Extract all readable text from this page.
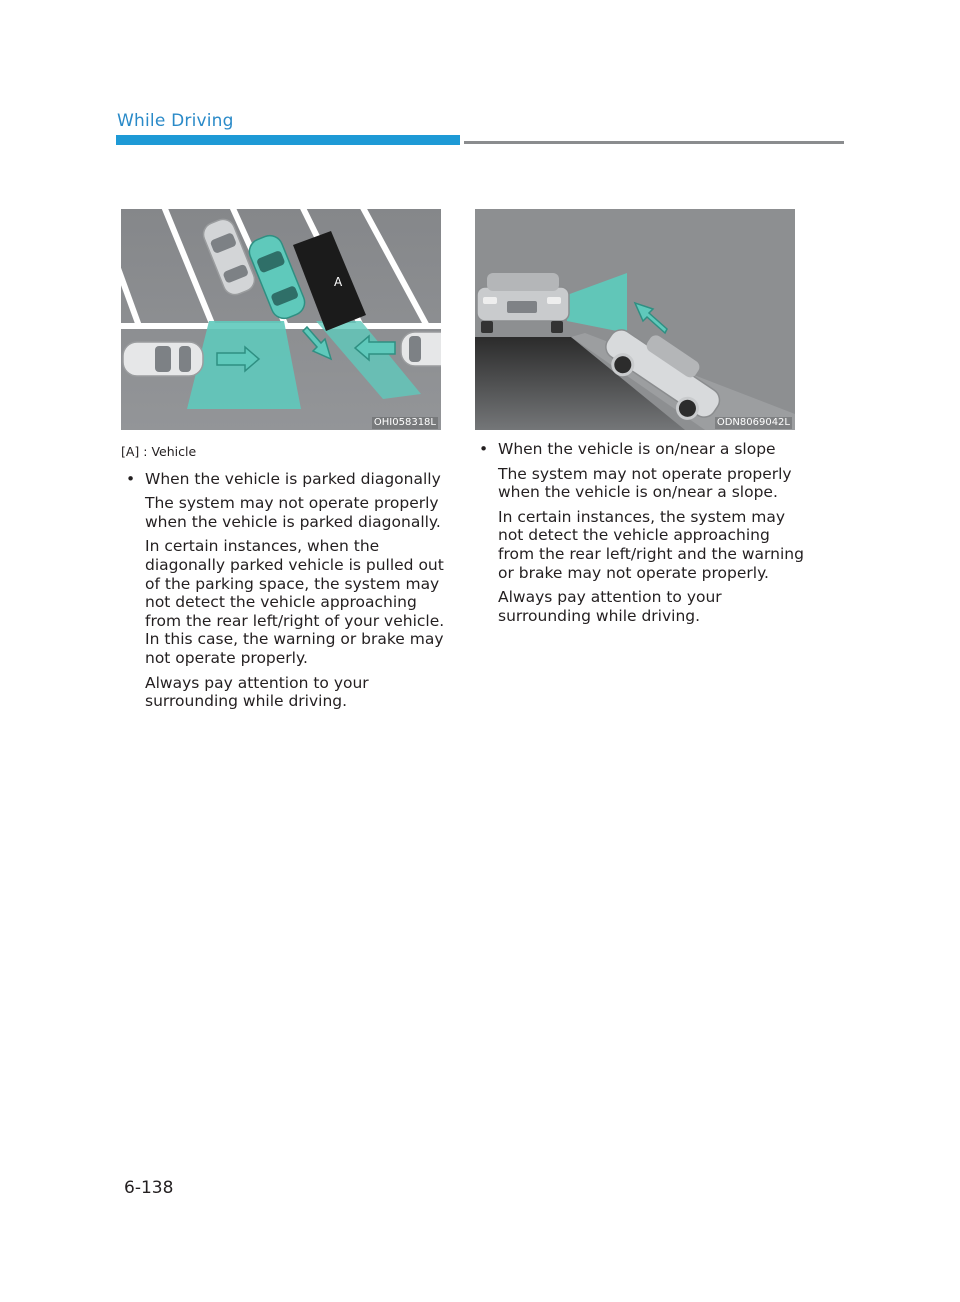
While Driving
A
OHI058318L	ODN8069042L

[A] : Vehicle

• When the vehicle is parked diagonally

The system may not operate properly when the vehicle is parked diagonally.

In certain instances, when the diagonally parked vehicle is pulled out of the parking space, the system may not detect the vehicle approaching from the rear left/right of your vehicle. In this case, the warning or brake may not operate properly.

Always pay attention to your surrounding while driving.

• When the vehicle is on/near a slope

The system may not operate properly when the vehicle is on/near a slope.

In certain instances, the system may not detect the vehicle approaching from the rear left/right and the warning or brake may not operate properly.

Always pay attention to your surrounding while driving.

6-138
